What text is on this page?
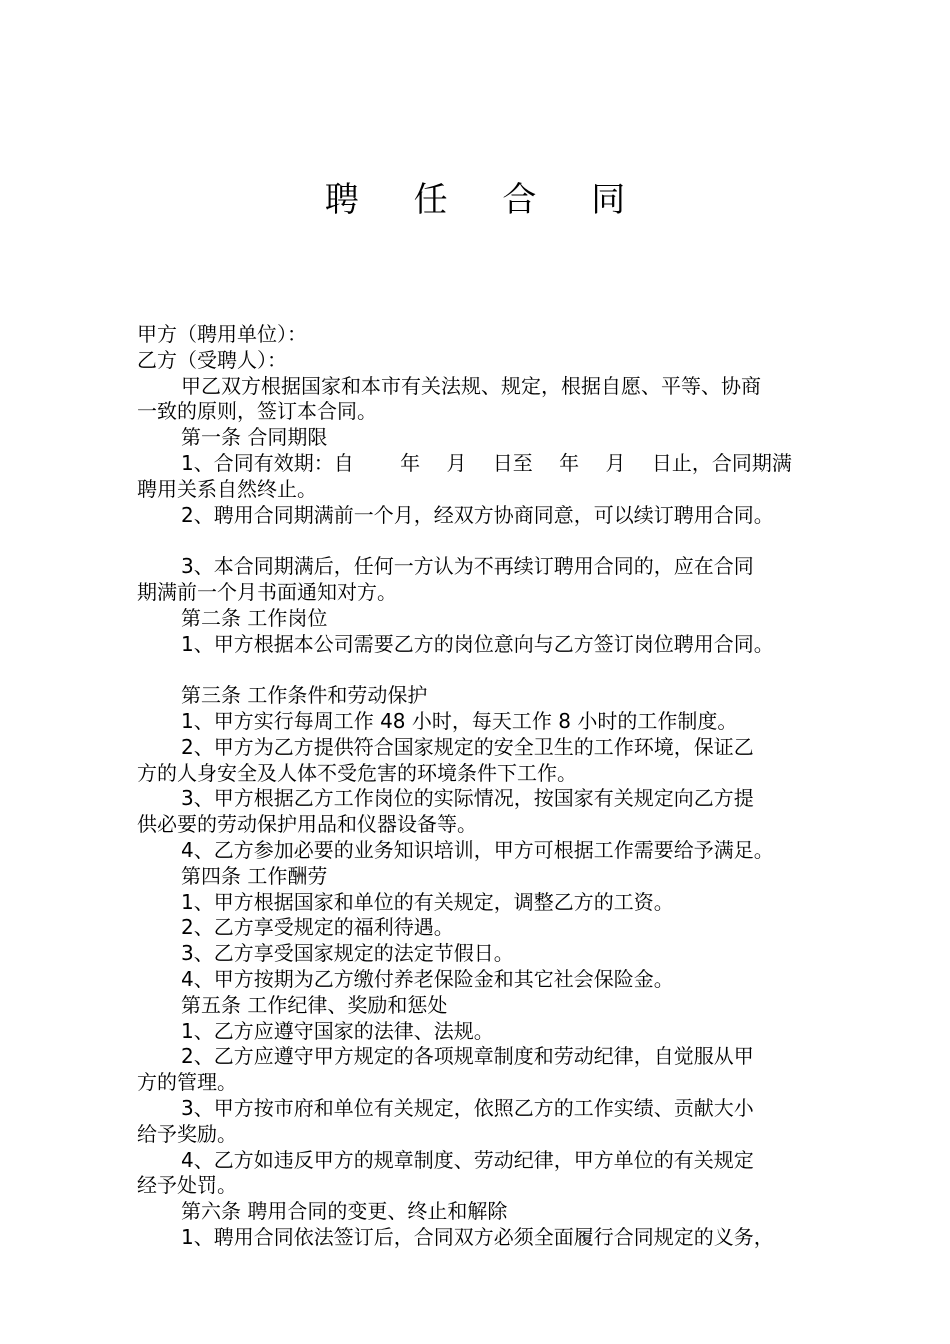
聘 任 合 同

甲方（聘用单位）：

乙方（受聘人）：

甲乙双方根据国家和本市有关法规、规定，根据自愿、平等、协商

一致的原则，签订本合同。

第一条 合同期限

1、合同有效期：自　　 年　 月　 日至　 年　 月　 日止，合同期满

聘用关系自然终止。

2、聘用合同期满前一个月，经双方协商同意，可以续订聘用合同。

3、本合同期满后，任何一方认为不再续订聘用合同的，应在合同

期满前一个月书面通知对方。

第二条 工作岗位

1、甲方根据本公司需要乙方的岗位意向与乙方签订岗位聘用合同。

第三条 工作条件和劳动保护

1、甲方实行每周工作 48 小时，每天工作 8 小时的工作制度。

2、甲方为乙方提供符合国家规定的安全卫生的工作环境，保证乙

方的人身安全及人体不受危害的环境条件下工作。

3、甲方根据乙方工作岗位的实际情况，按国家有关规定向乙方提

供必要的劳动保护用品和仪器设备等。

4、乙方参加必要的业务知识培训，甲方可根据工作需要给予满足。

第四条 工作酬劳

1、甲方根据国家和单位的有关规定，调整乙方的工资。

2、乙方享受规定的福利待遇。

3、乙方享受国家规定的法定节假日。

4、甲方按期为乙方缴付养老保险金和其它社会保险金。

第五条 工作纪律、奖励和惩处

1、乙方应遵守国家的法律、法规。

2、乙方应遵守甲方规定的各项规章制度和劳动纪律，自觉服从甲

方的管理。

3、甲方按市府和单位有关规定，依照乙方的工作实绩、贡献大小

给予奖励。

4、乙方如违反甲方的规章制度、劳动纪律，甲方单位的有关规定

经予处罚。

第六条 聘用合同的变更、终止和解除

1、聘用合同依法签订后，合同双方必须全面履行合同规定的义务，
